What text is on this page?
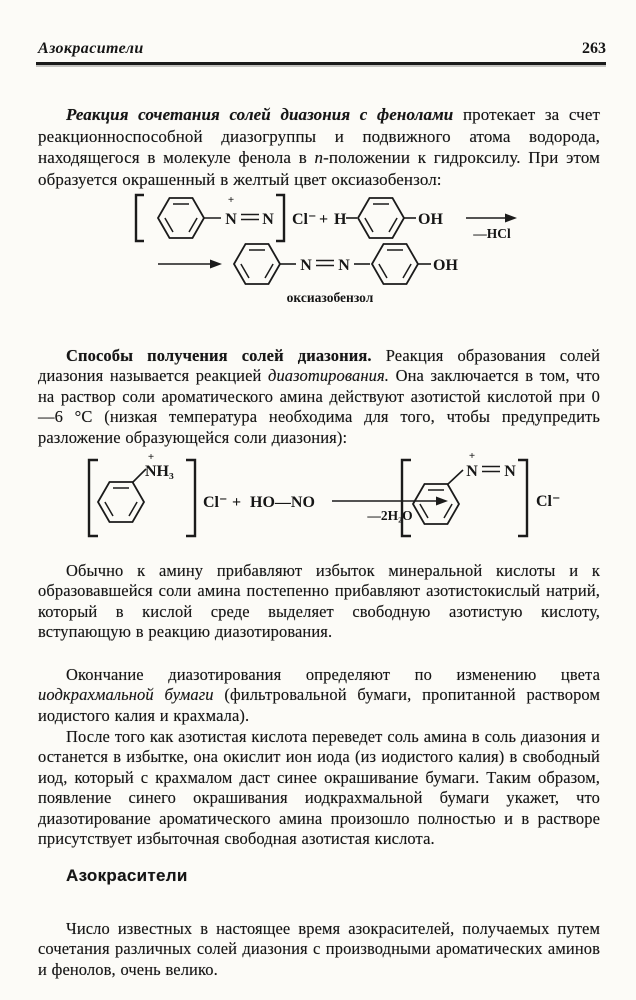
Азокрасители	263

Реакция сочетания солей диазония с фенолами протекает за счет реакционноспособной диазогруппы и подвижного атома водорода, находящегося в молекуле фенола в п-положении к гидроксилу. При этом образуется окрашенный в желтый цвет оксиазобензол:

+
N N Cl⁻ + H	OH
—HCl
N N	OH
оксиазобензол

Способы получения солей диазония. Реакция образования солей диазония называется реакцией диазотирования. Она заключается в том, что на раствор соли ароматического амина действуют азотистой кислотой при 0—6 °С (низкая температура необходима для того, чтобы предупредить разложение образующейся соли диазония):

+
NH₃
Cl⁻ + HO—NO
—2H₂O
+
N N
Cl⁻

Обычно к амину прибавляют избыток минеральной кислоты и к образовавшейся соли амина постепенно прибавляют азотистокислый натрий, который в кислой среде выделяет свободную азотистую кислоту, вступающую в реакцию диазотирования.

Окончание диазотирования определяют по изменению цвета иодкрахмальной бумаги (фильтровальной бумаги, пропитанной раствором иодистого калия и крахмала).

После того как азотистая кислота переведет соль амина в соль диазония и останется в избытке, она окислит ион иода (из иодистого калия) в свободный иод, который с крахмалом даст синее окрашивание бумаги. Таким образом, появление синего окрашивания иодкрахмальной бумаги укажет, что диазотирование ароматического амина произошло полностью и в растворе присутствует избыточная свободная азотистая кислота.

Азокрасители

Число известных в настоящее время азокрасителей, получаемых путем сочетания различных солей диазония с производными ароматических аминов и фенолов, очень велико.
